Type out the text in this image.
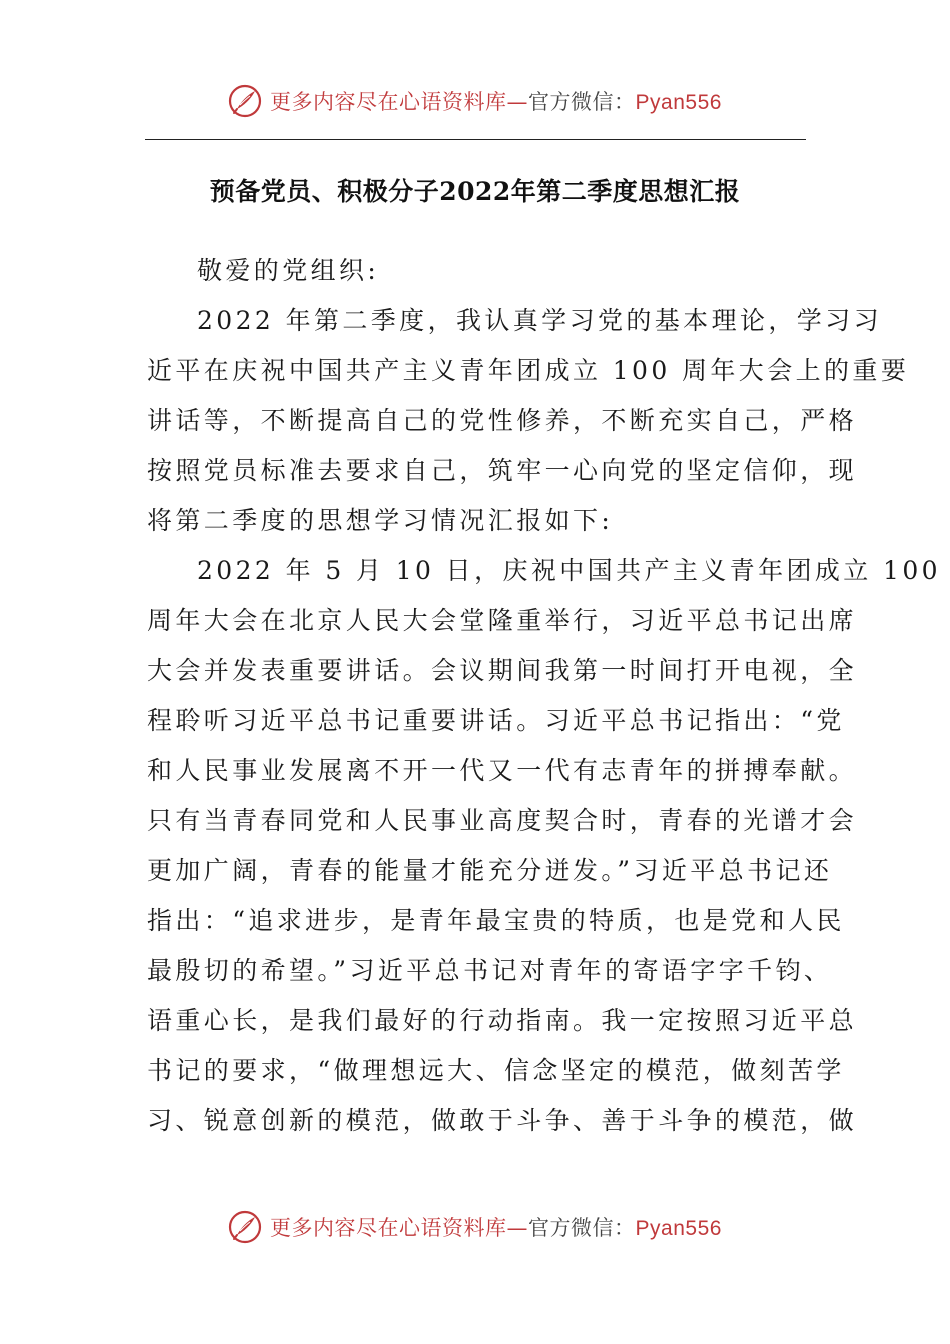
更多内容尽在心语资料库—官方微信：Pyan556
预备党员、积极分子2022年第二季度思想汇报
敬爱的党组织:
2022 年第二季度，我认真学习党的基本理论，学习习
近平在庆祝中国共产主义青年团成立 100 周年大会上的重要
讲话等，不断提高自己的党性修养，不断充实自己，严格
按照党员标准去要求自己，筑牢一心向党的坚定信仰，现
将第二季度的思想学习情况汇报如下:
2022 年 5 月 10 日，庆祝中国共产主义青年团成立 100
周年大会在北京人民大会堂隆重举行，习近平总书记出席
大会并发表重要讲话。会议期间我第一时间打开电视，全
程聆听习近平总书记重要讲话。习近平总书记指出：“党
和人民事业发展离不开一代又一代有志青年的拼搏奉献。
只有当青春同党和人民事业高度契合时，青春的光谱才会
更加广阔，青春的能量才能充分迸发。”习近平总书记还
指出：“追求进步，是青年最宝贵的特质，也是党和人民
最殷切的希望。”习近平总书记对青年的寄语字字千钧、
语重心长，是我们最好的行动指南。我一定按照习近平总
书记的要求，“做理想远大、信念坚定的模范，做刻苦学
习、锐意创新的模范，做敢于斗争、善于斗争的模范，做
更多内容尽在心语资料库—官方微信：Pyan556
